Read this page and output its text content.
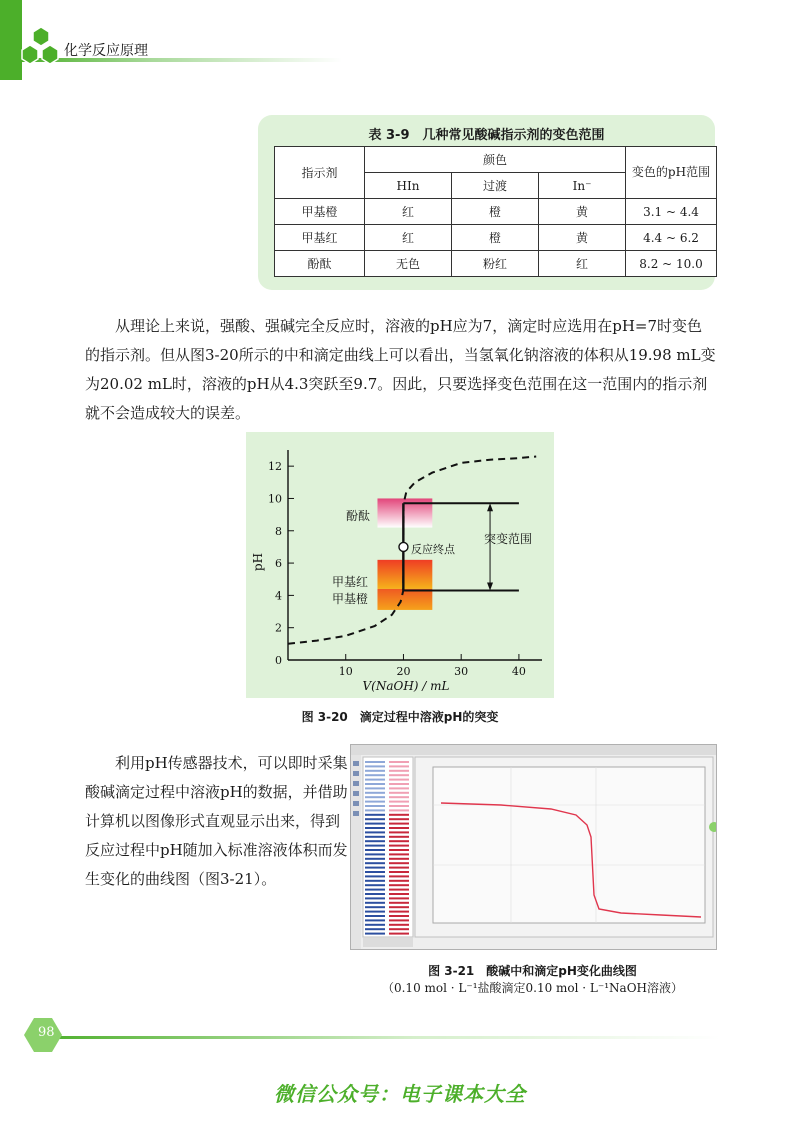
化学反应原理
表 3-9　几种常见酸碱指示剂的变色范围
指示剂	颜色			变色的pH范围
	HIn	过渡	In⁻	
甲基橙	红	橙	黄	3.1 ~ 4.4
甲基红	红	橙	黄	4.4 ~ 6.2
酚酞	无色	粉红	红	8.2 ~ 10.0

从理论上来说，强酸、强碱完全反应时，溶液的pH应为7，滴定时应选用在pH=7时变色的指示剂。但从图3-20所示的中和滴定曲线上可以看出，当氢氧化钠溶液的体积从19.98 mL变为20.02 mL时，溶液的pH从4.3突跃至9.7。因此，只要选择变色范围在这一范围内的指示剂就不会造成较大的误差。

0
2
4
6
8
10
12
10	20	30	40
酚酞
反应终点
突变范围
甲基红
甲基橙
V(NaOH) / mL
pH
图 3-20　滴定过程中溶液pH的突变

利用pH传感器技术，可以即时采集酸碱滴定过程中溶液pH的数据，并借助计算机以图像形式直观显示出来，得到反应过程中pH随加入标准溶液体积而发生变化的曲线图（图3-21）。

图 3-21　酸碱中和滴定pH变化曲线图
（0.10 mol · L⁻¹盐酸滴定0.10 mol · L⁻¹NaOH溶液）
98
微信公众号：电子课本大全
